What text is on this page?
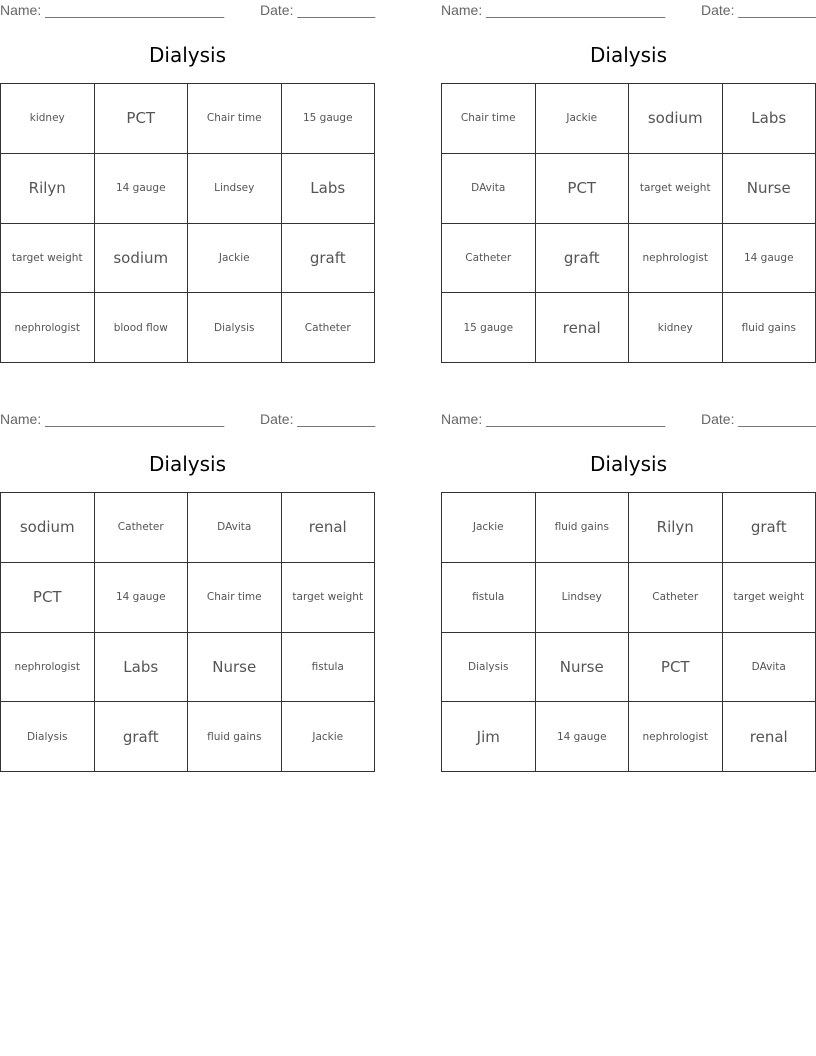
Name: _______________________	Date: __________
Dialysis
kidney	PCT	Chair time	15 gauge
Rilyn	14 gauge	Lindsey	Labs
target weight	sodium	Jackie	graft
nephrologist	blood flow	Dialysis	Catheter
Name: _______________________	Date: __________
Dialysis
Chair time	Jackie	sodium	Labs
DAvita	PCT	target weight	Nurse
Catheter	graft	nephrologist	14 gauge
15 gauge	renal	kidney	fluid gains
Name: _______________________	Date: __________
Dialysis
sodium	Catheter	DAvita	renal
PCT	14 gauge	Chair time	target weight
nephrologist	Labs	Nurse	fistula
Dialysis	graft	fluid gains	Jackie
Name: _______________________	Date: __________
Dialysis
Jackie	fluid gains	Rilyn	graft
fistula	Lindsey	Catheter	target weight
Dialysis	Nurse	PCT	DAvita
Jim	14 gauge	nephrologist	renal
